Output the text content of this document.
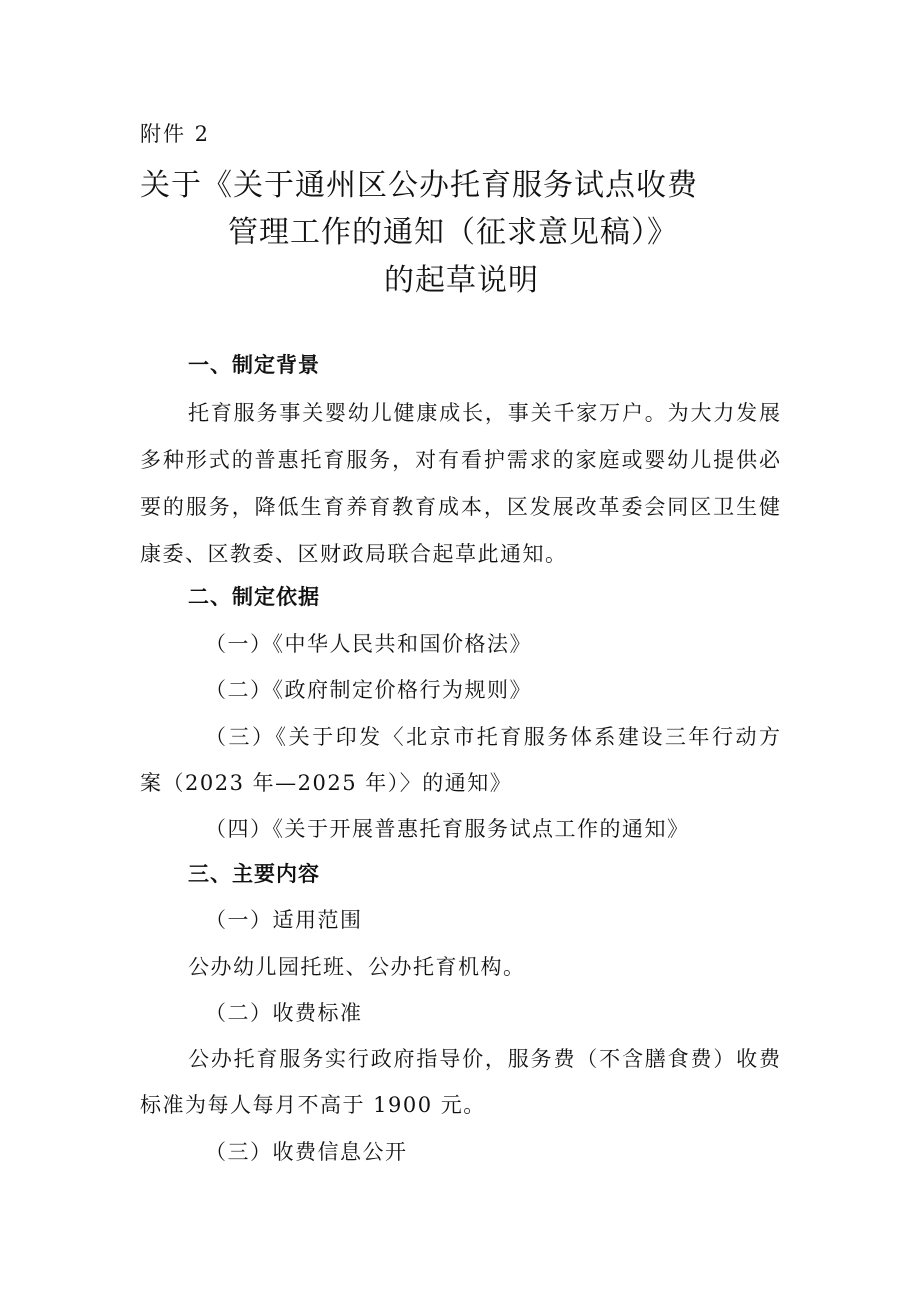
附件 2
关于《关于通州区公办托育服务试点收费
管理工作的通知（征求意见稿）》
的起草说明
一、制定背景
托育服务事关婴幼儿健康成长，事关千家万户。为大力发展
多种形式的普惠托育服务，对有看护需求的家庭或婴幼儿提供必
要的服务，降低生育养育教育成本，区发展改革委会同区卫生健
康委、区教委、区财政局联合起草此通知。
二、制定依据
（一）《中华人民共和国价格法》
（二）《政府制定价格行为规则》
（三）《关于印发〈北京市托育服务体系建设三年行动方
案（2023 年—2025 年）〉的通知》
（四）《关于开展普惠托育服务试点工作的通知》
三、主要内容
（一）适用范围
公办幼儿园托班、公办托育机构。
（二）收费标准
公办托育服务实行政府指导价，服务费（不含膳食费）收费
标准为每人每月不高于 1900 元。
（三）收费信息公开
